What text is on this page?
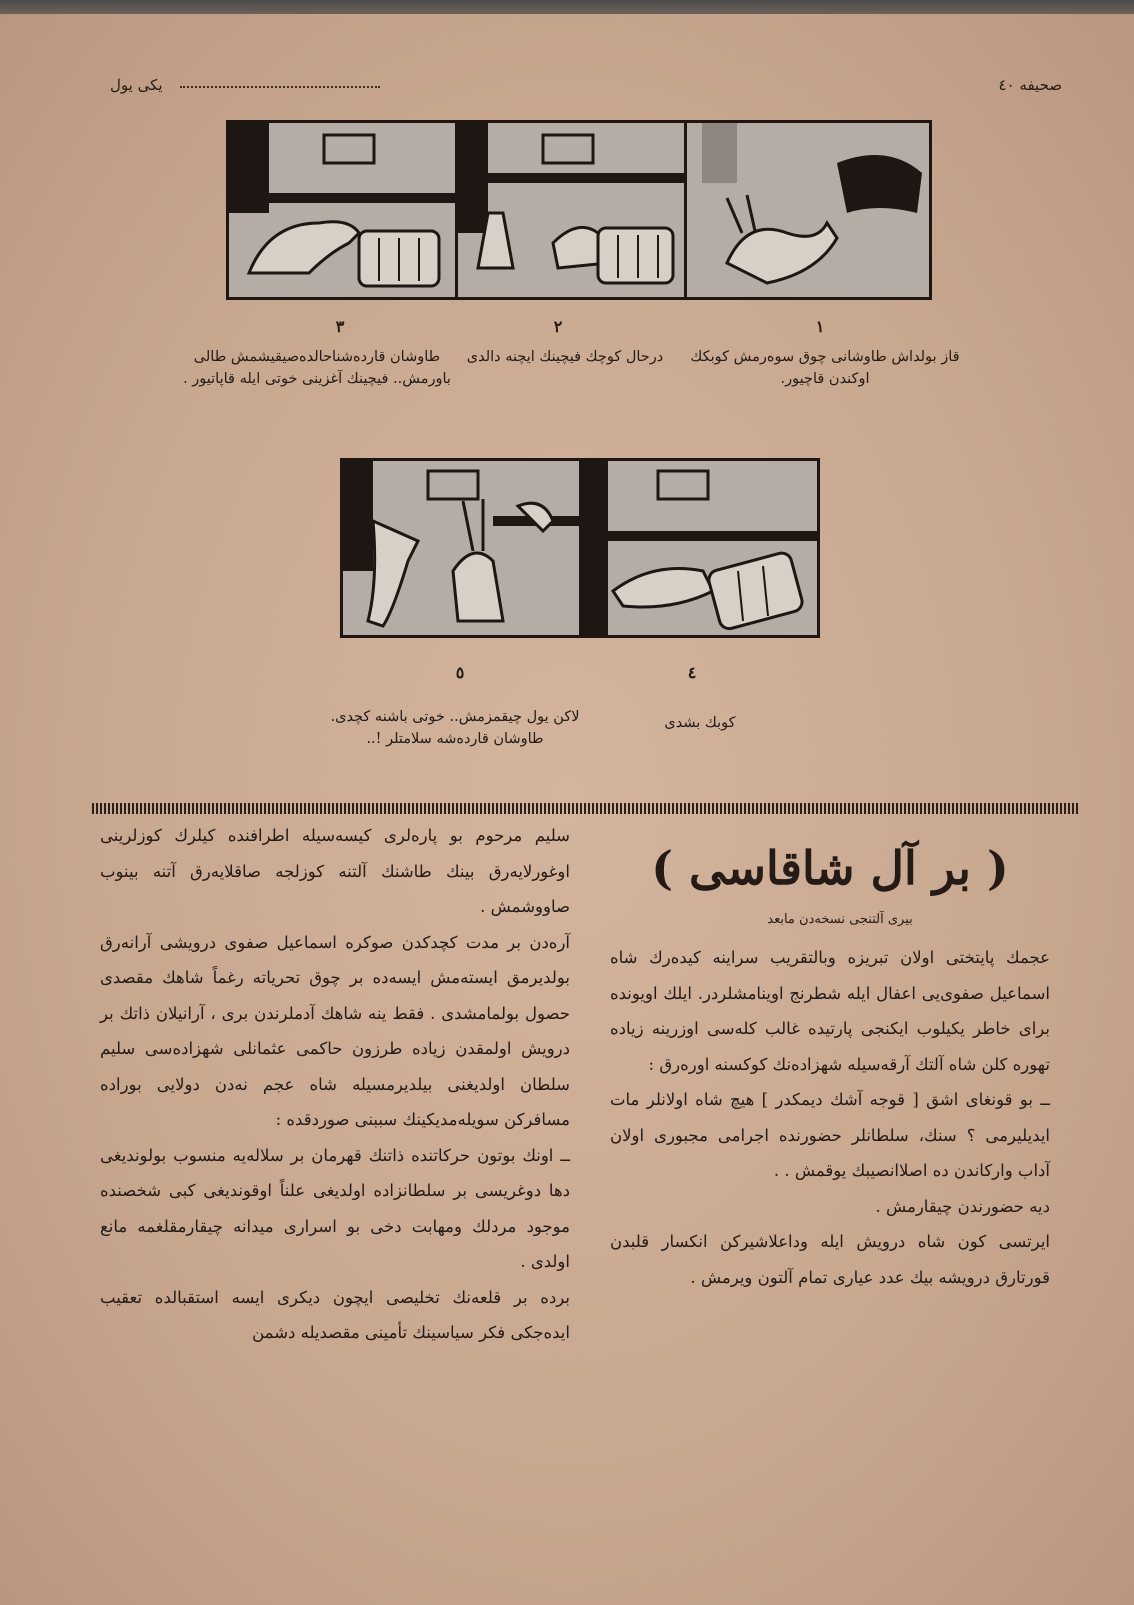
یکی یول	صحیفه ٤٠
٣	٢	١
طاوشان قاردەشناحالدەصیقیشمش طالی باورمش.. فیچینك آغزینی خوتی ایله قاپاتیور .
درحال کوچك فیچینك ایچنه دالدی	قاز بولداش طاوشانی چوق سوەرمش کوبکك اوکندن قاچیور.
٥	٤
لاکن یول چیقمزمش.. خوتی باشنه کچدی. طاوشان قاردەشه سلامتلر !..
کوبك بشدی
( بر آل شاقاسی )
بیری آلتنجی نسخەدن مابعد

عجمك پایتختی اولان تبریزە وبالتقریب سراینه کیدەرك شاه اسماعیل صفوی‌یی اعفال ایله شطرنج اوینامشلردر. ایلك اویونده برای خاطر یکیلوب ایکنجی پارتیده غالب کلەسی اوزرینه زیادە تهورە کلن شاه آلتك آرقەسیله شهزادەنك کوکسنه اورەرق :

ــ بو قونغای اشق [ قوجه آشك دیمکدر ] هیچ شاه اولانلر مات ایدیلیرمی ؟ سنك، سلطانلر حضورنده اجرامی مجبوری اولان آداب وارکاندن دە اصلاانصیبك یوقمش . .

دیه حضورندن چیقارمش .

ایرتسی کون شاه درویش ایله وداعلاشیرکن انکسار قلبدن قورتارق درویشه بیك عدد عیاری تمام آلتون ویرمش .

سلیم مرحوم بو پارەلری کیسەسیله اطرافنده کیلرك کوزلرینی اوغورلایەرق بینك طاشنك آلتنه کوزلجه صاقلایەرق آتنه بینوب صاووشمش .

آرەدن بر مدت کچدکدن صوکره اسماعیل صفوی درویشی آرانەرق بولدیرمق ایستەمش ایسەدە بر چوق تحریاته رغماً شاهك مقصدی حصول بولمامشدی . فقط ینه شاهك آدملرندن بری ، آرانیلان ذاتك بر درویش اولمقدن زیادە طرزون حاکمی عثمانلی شهزادەسی سلیم سلطان اولدیغنی بیلدیرمسیله شاه عجم نەدن دولایی بوراده مسافرکن سویلەمدیکینك سببنی صوردقده :

ــ اونك بوتون حرکاتنده ذاتنك قهرمان بر سلالەیه منسوب بولوندیغی دها دوغریسی بر سلطانزادە اولدیغی علناً اوقوندیغی کبی شخصنده موجود مردلك ومهابت دخی بو اسراری میدانه چیقارمقلغمه مانع اولدی .

بردە بر قلعەنك تخلیصی ایچون دیکری ایسه استقبالده تعقیب ایدەجکی فکر سیاسینك تأمینی مقصدیله دشمن
